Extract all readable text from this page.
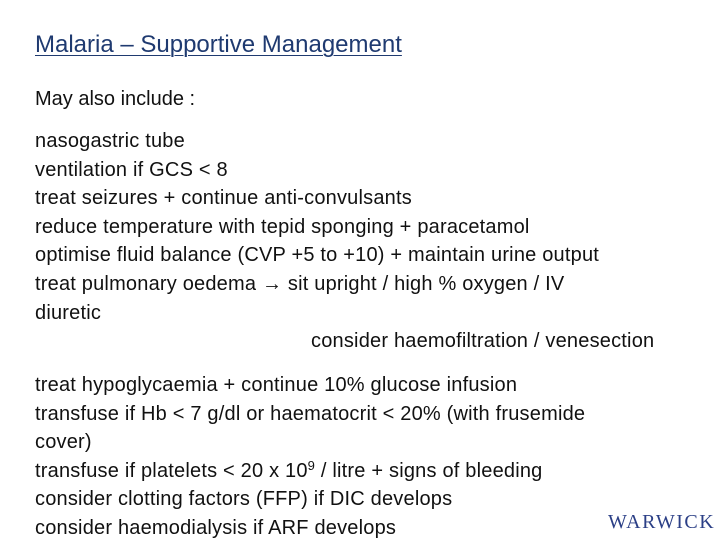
Malaria – Supportive Management
May also include :
nasogastric tube
ventilation if GCS < 8
treat seizures + continue anti-convulsants
reduce temperature with tepid sponging + paracetamol
optimise fluid balance (CVP +5 to +10) + maintain urine output
treat pulmonary oedema → sit upright / high % oxygen / IV
diuretic
consider haemofiltration / venesection
treat hypoglycaemia + continue 10% glucose infusion
transfuse if Hb < 7 g/dl or haematocrit < 20% (with frusemide
cover)
transfuse if platelets < 20 x $10^9$ / litre + signs of bleeding
consider clotting factors (FFP) if DIC develops
consider haemodialysis if ARF develops	WARWICK
